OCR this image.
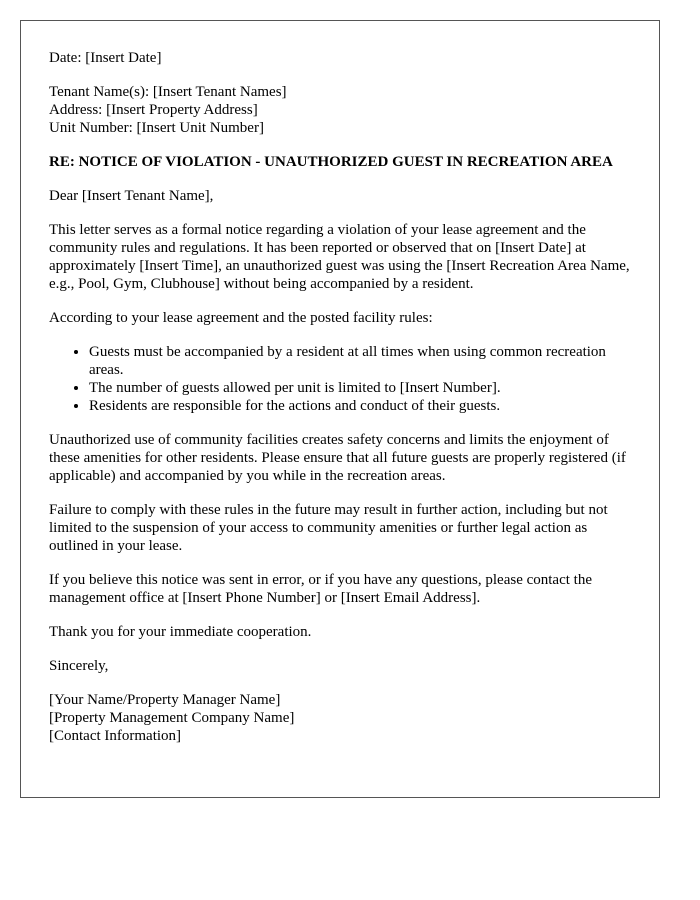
Date: [Insert Date]

Tenant Name(s): [Insert Tenant Names]
Address: [Insert Property Address]
Unit Number: [Insert Unit Number]
RE: NOTICE OF VIOLATION - UNAUTHORIZED GUEST IN RECREATION AREA

Dear [Insert Tenant Name],

This letter serves as a formal notice regarding a violation of your lease agreement and the community rules and regulations. It has been reported or observed that on [Insert Date] at approximately [Insert Time], an unauthorized guest was using the [Insert Recreation Area Name, e.g., Pool, Gym, Clubhouse] without being accompanied by a resident.

According to your lease agreement and the posted facility rules:

• Guests must be accompanied by a resident at all times when using common recreation areas.
• The number of guests allowed per unit is limited to [Insert Number].
• Residents are responsible for the actions and conduct of their guests.

Unauthorized use of community facilities creates safety concerns and limits the enjoyment of these amenities for other residents. Please ensure that all future guests are properly registered (if applicable) and accompanied by you while in the recreation areas.

Failure to comply with these rules in the future may result in further action, including but not limited to the suspension of your access to community amenities or further legal action as outlined in your lease.

If you believe this notice was sent in error, or if you have any questions, please contact the management office at [Insert Phone Number] or [Insert Email Address].

Thank you for your immediate cooperation.

Sincerely,

[Your Name/Property Manager Name]
[Property Management Company Name]
[Contact Information]
